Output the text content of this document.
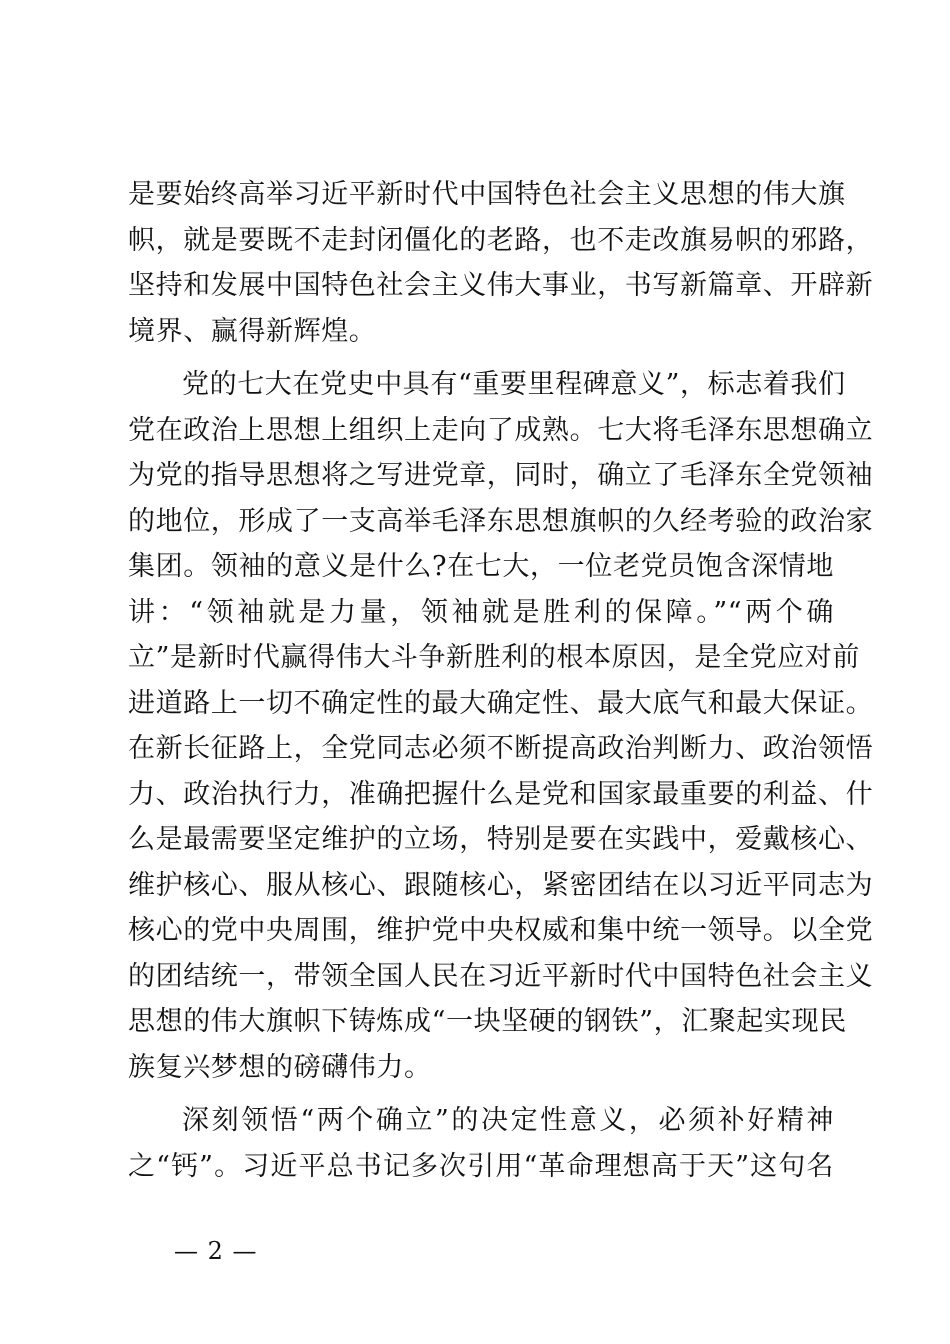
是要始终高举习近平新时代中国特色社会主义思想的伟大旗
帜，就是要既不走封闭僵化的老路，也不走改旗易帜的邪路，
坚持和发展中国特色社会主义伟大事业，书写新篇章、开辟新
境界、赢得新辉煌。
党的七大在党史中具有“重要里程碑意义”，标志着我们
党在政治上思想上组织上走向了成熟。七大将毛泽东思想确立
为党的指导思想将之写进党章，同时，确立了毛泽东全党领袖
的地位，形成了一支高举毛泽东思想旗帜的久经考验的政治家
集团。领袖的意义是什么?在七大，一位老党员饱含深情地
讲：“领袖就是力量，领袖就是胜利的保障。”“两个确
立”是新时代赢得伟大斗争新胜利的根本原因，是全党应对前
进道路上一切不确定性的最大确定性、最大底气和最大保证。
在新长征路上，全党同志必须不断提高政治判断力、政治领悟
力、政治执行力，准确把握什么是党和国家最重要的利益、什
么是最需要坚定维护的立场，特别是要在实践中，爱戴核心、
维护核心、服从核心、跟随核心，紧密团结在以习近平同志为
核心的党中央周围，维护党中央权威和集中统一领导。以全党
的团结统一，带领全国人民在习近平新时代中国特色社会主义
思想的伟大旗帜下铸炼成“一块坚硬的钢铁”，汇聚起实现民
族复兴梦想的磅礴伟力。
深刻领悟“两个确立”的决定性意义，必须补好精神
之“钙”。习近平总书记多次引用“革命理想高于天”这句名
— 2 —
